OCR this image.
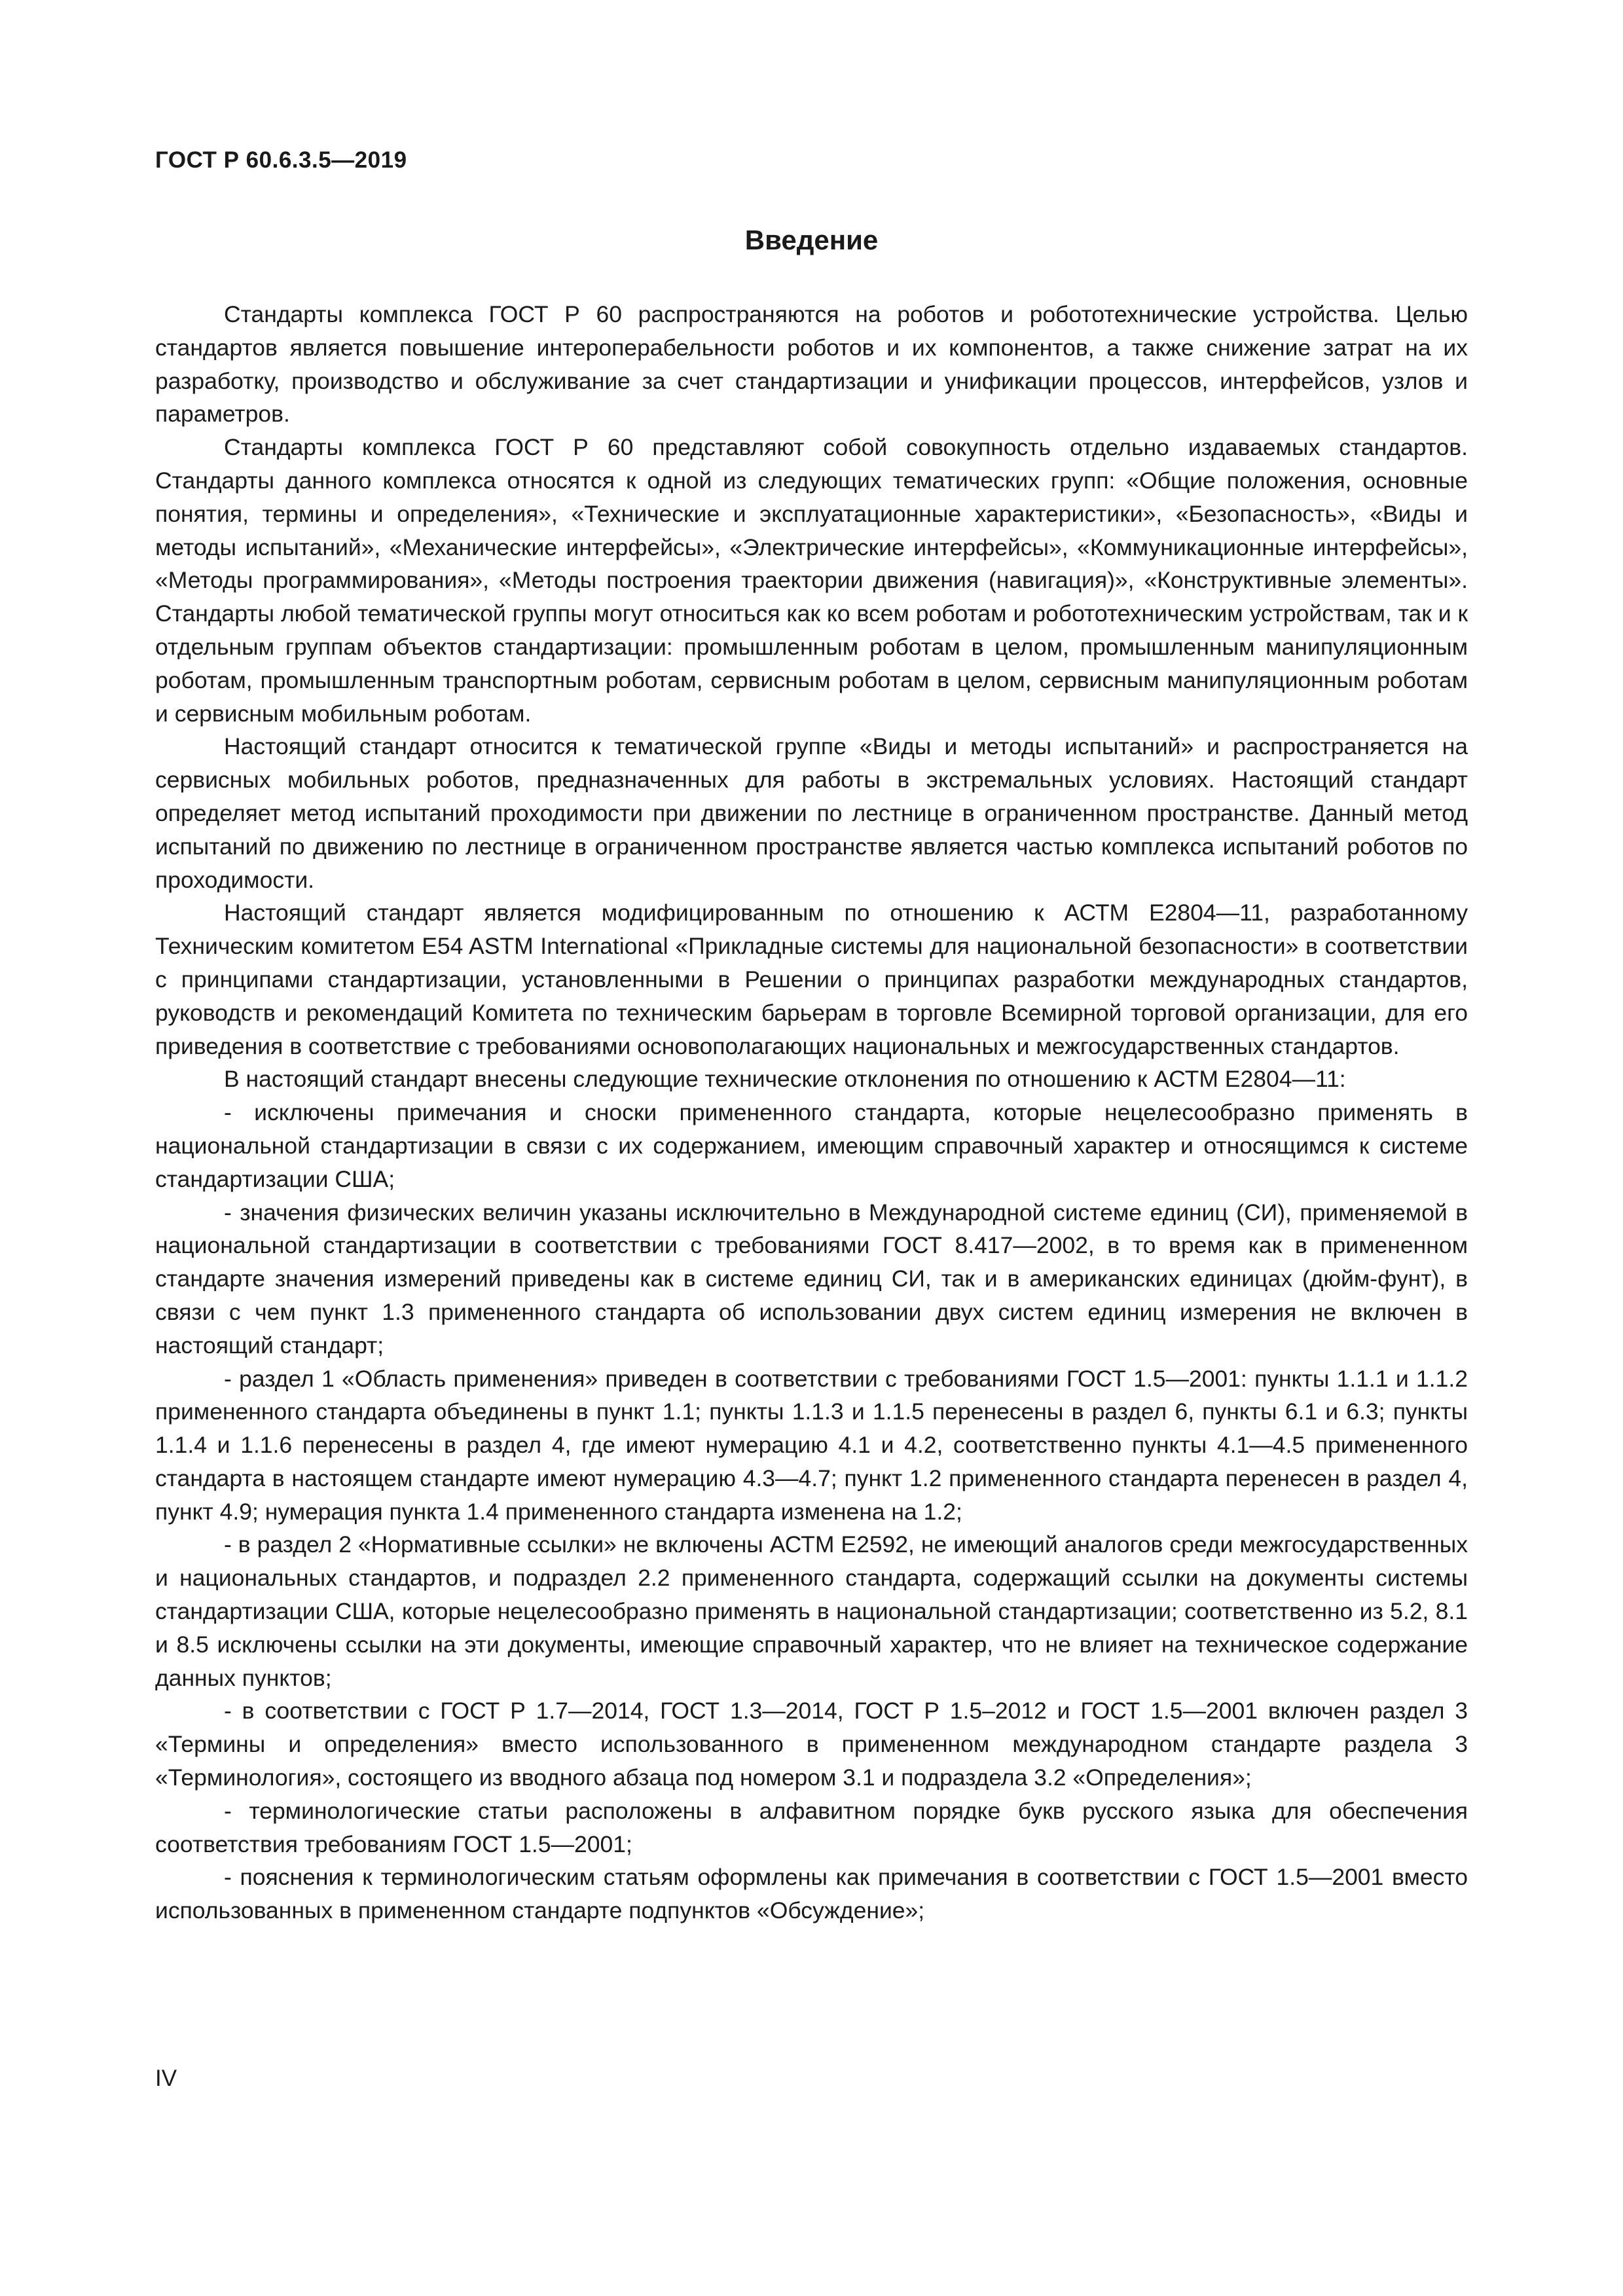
ГОСТ Р 60.6.3.5—2019
Введение

Стандарты комплекса ГОСТ Р 60 распространяются на роботов и робототехнические устройства. Целью стандартов является повышение интероперабельности роботов и их компонентов, а также снижение затрат на их разработку, производство и обслуживание за счет стандартизации и унификации процессов, интерфейсов, узлов и параметров.

Стандарты комплекса ГОСТ Р 60 представляют собой совокупность отдельно издаваемых стандартов. Стандарты данного комплекса относятся к одной из следующих тематических групп: «Общие положения, основные понятия, термины и определения», «Технические и эксплуатационные характеристики», «Безопасность», «Виды и методы испытаний», «Механические интерфейсы», «Электрические интерфейсы», «Коммуникационные интерфейсы», «Методы программирования», «Методы построения траектории движения (навигация)», «Конструктивные элементы». Стандарты любой тематической группы могут относиться как ко всем роботам и робототехническим устройствам, так и к отдельным группам объектов стандартизации: промышленным роботам в целом, промышленным манипуляционным роботам, промышленным транспортным роботам, сервисным роботам в целом, сервисным манипуляционным роботам и сервисным мобильным роботам.

Настоящий стандарт относится к тематической группе «Виды и методы испытаний» и распространяется на сервисных мобильных роботов, предназначенных для работы в экстремальных условиях. Настоящий стандарт определяет метод испытаний проходимости при движении по лестнице в ограниченном пространстве. Данный метод испытаний по движению по лестнице в ограниченном пространстве является частью комплекса испытаний роботов по проходимости.

Настоящий стандарт является модифицированным по отношению к АСТМ Е2804—11, разработанному Техническим комитетом E54 ASTM International «Прикладные системы для национальной безопасности» в соответствии с принципами стандартизации, установленными в Решении о принципах разработки международных стандартов, руководств и рекомендаций Комитета по техническим барьерам в торговле Всемирной торговой организации, для его приведения в соответствие с требованиями основополагающих национальных и межгосударственных стандартов.

В настоящий стандарт внесены следующие технические отклонения по отношению к АСТМ Е2804—11:

- исключены примечания и сноски примененного стандарта, которые нецелесообразно применять в национальной стандартизации в связи с их содержанием, имеющим справочный характер и относящимся к системе стандартизации США;

- значения физических величин указаны исключительно в Международной системе единиц (СИ), применяемой в национальной стандартизации в соответствии с требованиями ГОСТ 8.417—2002, в то время как в примененном стандарте значения измерений приведены как в системе единиц СИ, так и в американских единицах (дюйм-фунт), в связи с чем пункт 1.3 примененного стандарта об использовании двух систем единиц измерения не включен в настоящий стандарт;

- раздел 1 «Область применения» приведен в соответствии с требованиями ГОСТ 1.5—2001: пункты 1.1.1 и 1.1.2 примененного стандарта объединены в пункт 1.1; пункты 1.1.3 и 1.1.5 перенесены в раздел 6, пункты 6.1 и 6.3; пункты 1.1.4 и 1.1.6 перенесены в раздел 4, где имеют нумерацию 4.1 и 4.2, соответственно пункты 4.1—4.5 примененного стандарта в настоящем стандарте имеют нумерацию 4.3—4.7; пункт 1.2 примененного стандарта перенесен в раздел 4, пункт 4.9; нумерация пункта 1.4 примененного стандарта изменена на 1.2;

- в раздел 2 «Нормативные ссылки» не включены АСТМ Е2592, не имеющий аналогов среди межгосударственных и национальных стандартов, и подраздел 2.2 примененного стандарта, содержащий ссылки на документы системы стандартизации США, которые нецелесообразно применять в национальной стандартизации; соответственно из 5.2, 8.1 и 8.5 исключены ссылки на эти документы, имеющие справочный характер, что не влияет на техническое содержание данных пунктов;

- в соответствии с ГОСТ Р 1.7—2014, ГОСТ 1.3—2014, ГОСТ Р 1.5–2012 и ГОСТ 1.5—2001 включен раздел 3 «Термины и определения» вместо использованного в примененном международном стандарте раздела 3 «Терминология», состоящего из вводного абзаца под номером 3.1 и подраздела 3.2 «Определения»;

- терминологические статьи расположены в алфавитном порядке букв русского языка для обеспечения соответствия требованиям ГОСТ 1.5—2001;

- пояснения к терминологическим статьям оформлены как примечания в соответствии с ГОСТ 1.5—2001 вместо использованных в примененном стандарте подпунктов «Обсуждение»;

IV
